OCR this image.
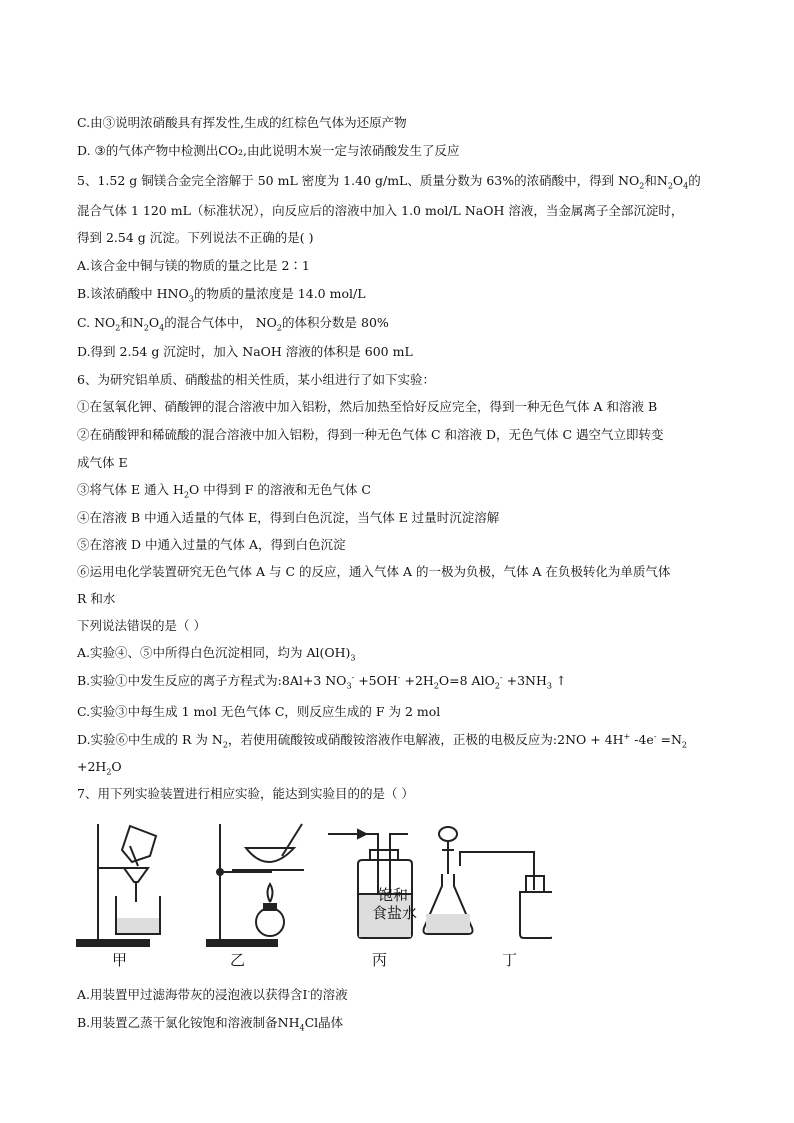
C.由③说明浓硝酸具有挥发性,生成的红棕色气体为还原产物
D. ③的气体产物中检测出CO₂,由此说明木炭一定与浓硝酸发生了反应
5、1.52 g 铜镁合金完全溶解于 50 mL 密度为 1.40 g/mL、质量分数为 63%的浓硝酸中，得到 $NO_2$和$N_2O_4$的
混合气体 1 120 mL（标准状况），向反应后的溶液中加入 1.0 mol/L NaOH 溶液，当金属离子全部沉淀时，
得到 2.54 g 沉淀。下列说法不正确的是( )
A.该合金中铜与镁的物质的量之比是 2∶1
B.该浓硝酸中 $HNO_3$的物质的量浓度是 14.0 mol/L
C. $NO_2$和$N_2O_4$的混合气体中， $NO_2$的体积分数是 80%
D.得到 2.54 g 沉淀时，加入 NaOH 溶液的体积是 600 mL
6、为研究铝单质、硝酸盐的相关性质，某小组进行了如下实验：
①在氢氧化钾、硝酸钾的混合溶液中加入铝粉，然后加热至恰好反应完全，得到一种无色气体 A 和溶液 B
②在硝酸钾和稀硫酸的混合溶液中加入铝粉，得到一种无色气体 C 和溶液 D，无色气体 C 遇空气立即转变
成气体 E
③将气体 E 通入 $H_2O$ 中得到 F 的溶液和无色气体 C
④在溶液 B 中通入适量的气体 E，得到白色沉淀，当气体 E 过量时沉淀溶解
⑤在溶液 D 中通入过量的气体 A，得到白色沉淀
⑥运用电化学装置研究无色气体 A 与 C 的反应，通入气体 A 的一极为负极，气体 A 在负极转化为单质气体
R 和水
下列说法错误的是（ ）
A.实验④、⑤中所得白色沉淀相同，均为 $Al(OH)_3$
B.实验①中发生反应的离子方程式为:8Al+3 $NO_3^- +5OH^- +2H_2O=8$ $AlO_2^- +3NH_3$ ↑
C.实验③中每生成 1 mol 无色气体 C，则反应生成的 F 为 2 mol
D.实验⑥中生成的 R 为 $N_2$，若使用硫酸铵或硝酸铵溶液作电解液，正极的电极反应为:2NO + 4H+ $-4e^- =N_2$
$+2H_2O$
7、用下列实验装置进行相应实验，能达到实验目的的是（ ）
饱和
食盐水
甲	乙	丙	丁
A.用装置甲过滤海带灰的浸泡液以获得含I-的溶液
B.用装置乙蒸干氯化铵饱和溶液制备$NH_4Cl$晶体
